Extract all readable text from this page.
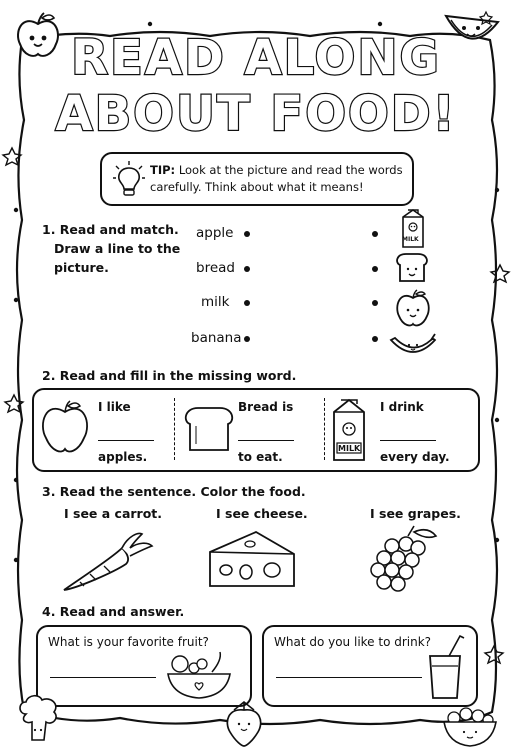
READ ALONG
ABOUT FOOD!
TIP: Look at the picture and read the words carefully. Think about what it means!
1. Read and match.
Draw a line to the
picture.
apple
bread
milk
banana
MILK
2. Read and fill in the missing word.
I like
apples.
Bread is
to eat.
MILK
I drink
every day.
3. Read the sentence. Color the food.
I see a carrot.	I see cheese.	I see grapes.
4. Read and answer.
What is your favorite fruit?	What do you like to drink?
